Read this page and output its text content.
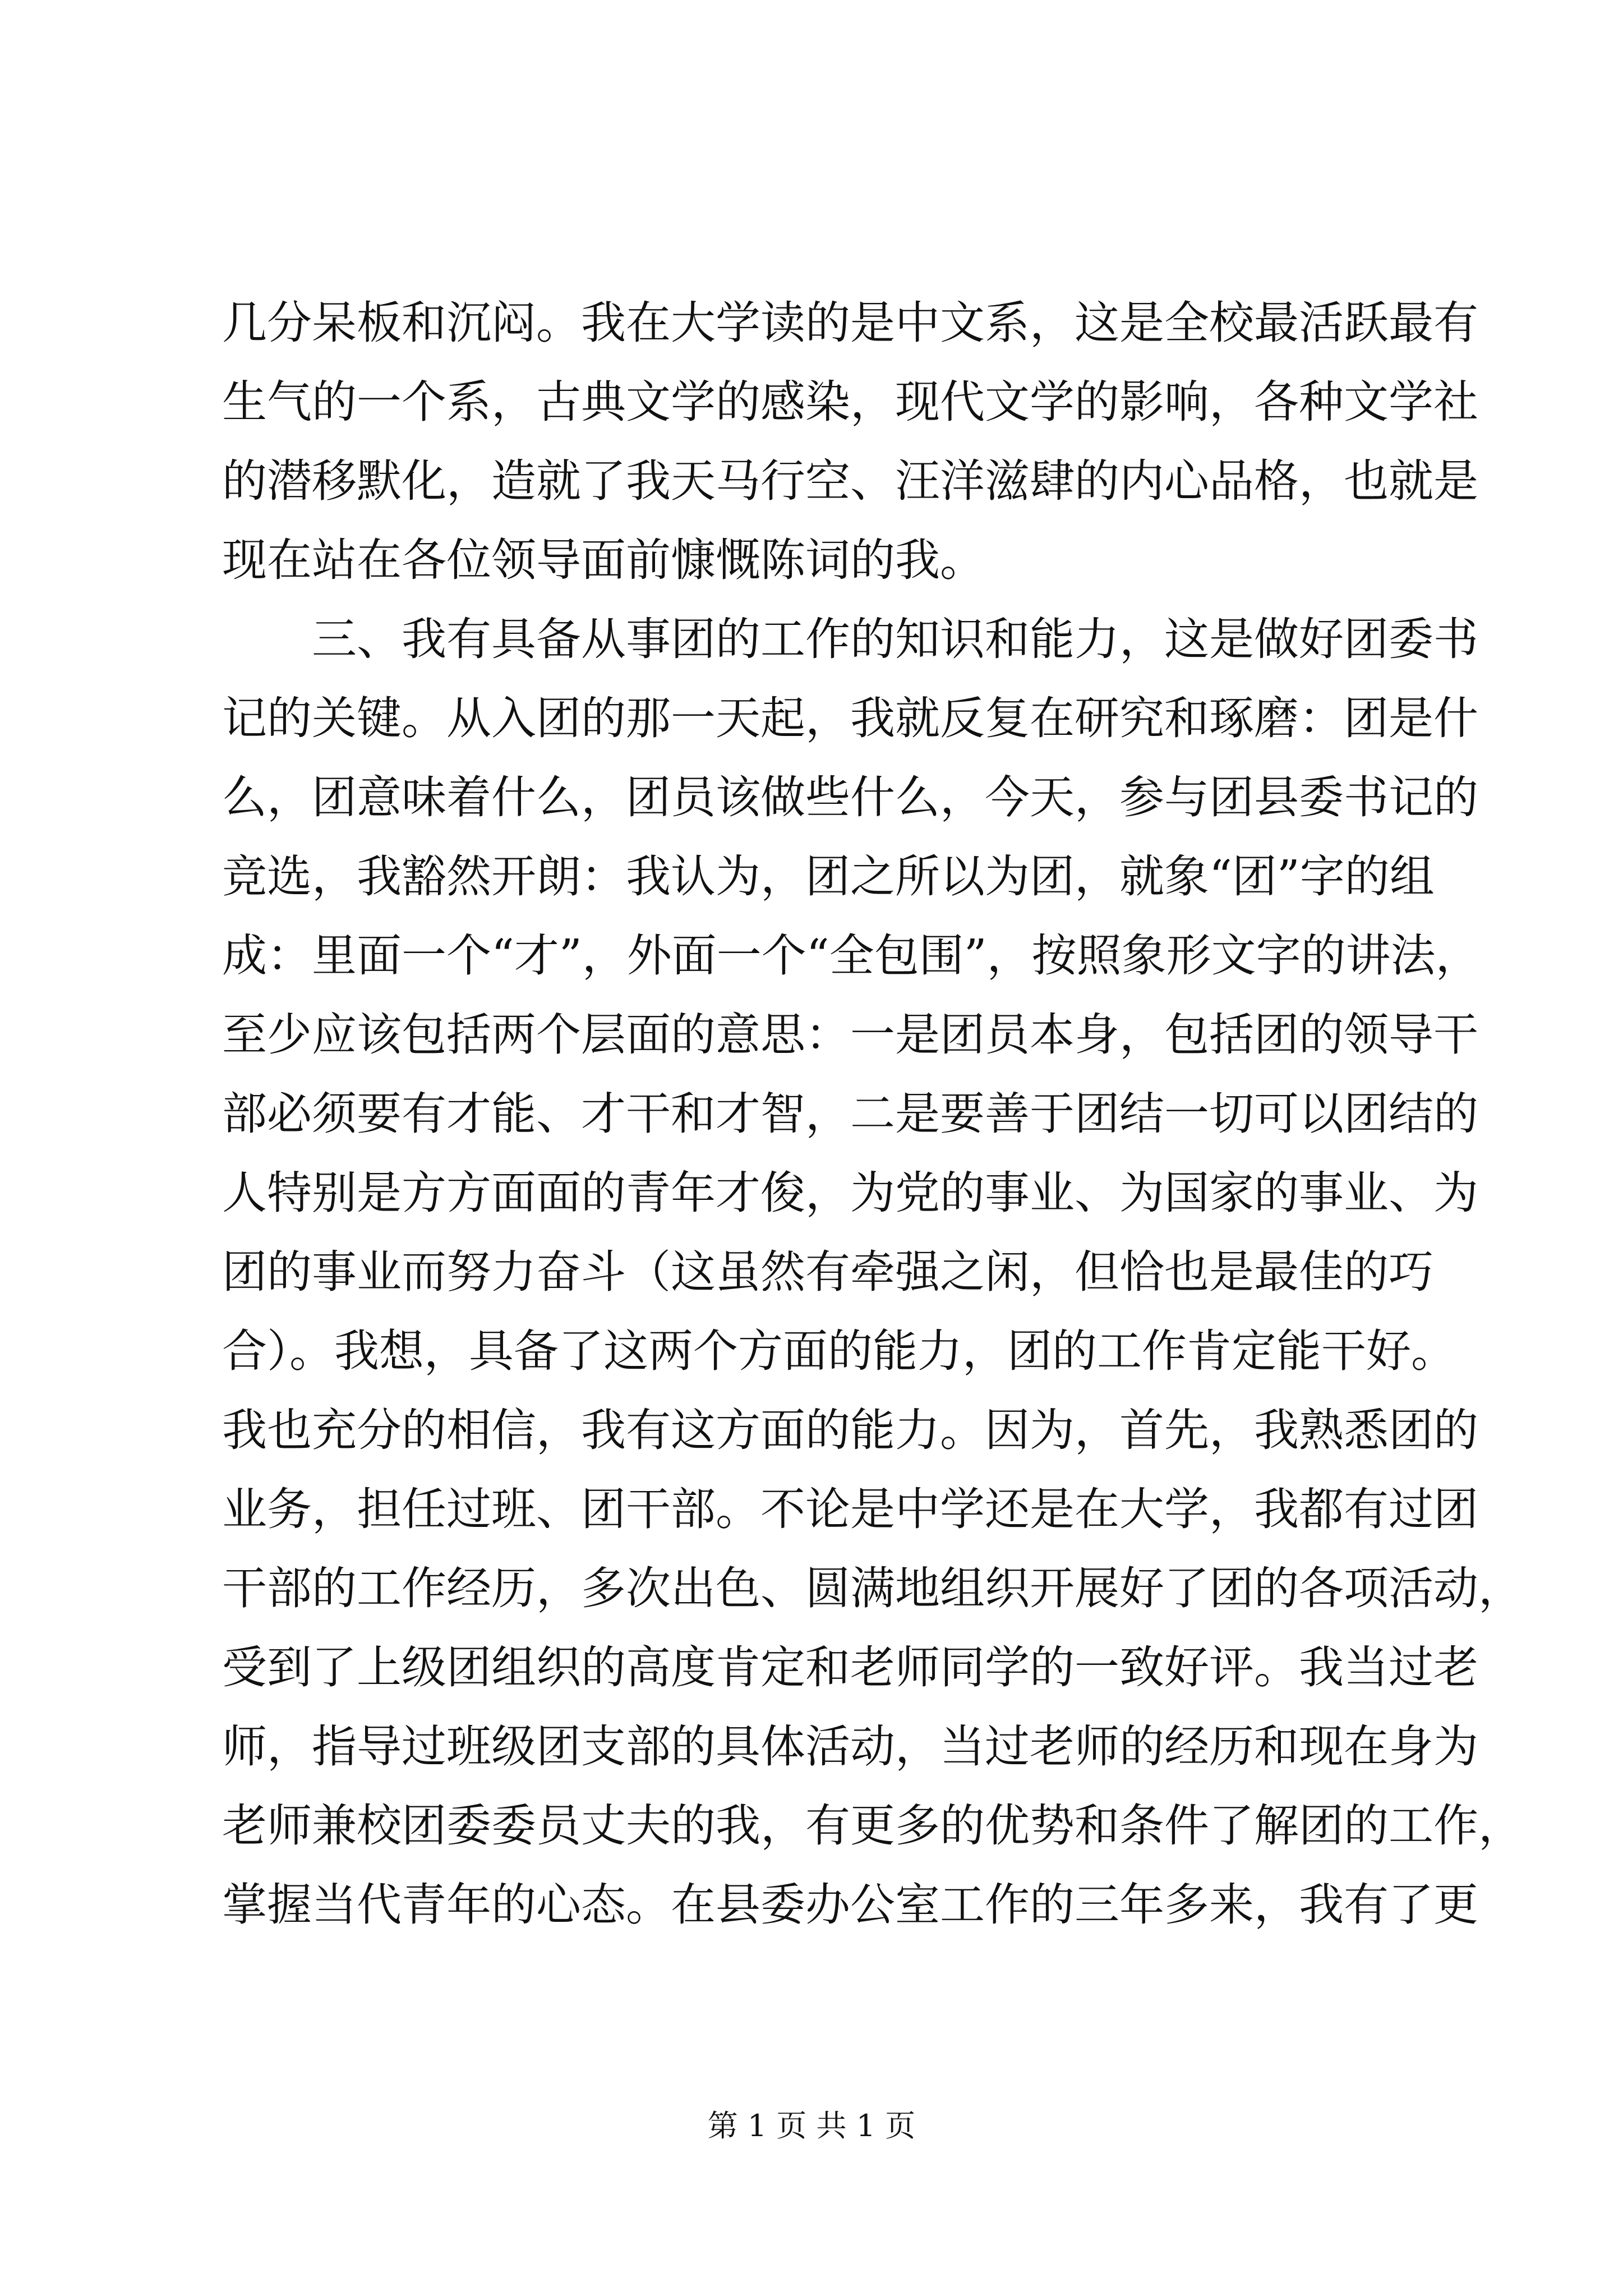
几分呆板和沉闷。我在大学读的是中文系，这是全校最活跃最有
生气的一个系，古典文学的感染，现代文学的影响，各种文学社
的潜移默化，造就了我天马行空、汪洋滋肆的内心品格，也就是
现在站在各位领导面前慷慨陈词的我。
　　三、我有具备从事团的工作的知识和能力，这是做好团委书
记的关键。从入团的那一天起，我就反复在研究和琢磨：团是什
么，团意味着什么，团员该做些什么，今天，参与团县委书记的
竞选，我豁然开朗：我认为，团之所以为团，就象“团”字的组
成：里面一个“才”，外面一个“全包围”，按照象形文字的讲法，
至少应该包括两个层面的意思：一是团员本身，包括团的领导干
部必须要有才能、才干和才智，二是要善于团结一切可以团结的
人特别是方方面面的青年才俊，为党的事业、为国家的事业、为
团的事业而努力奋斗（这虽然有牵强之闲，但恰也是最佳的巧
合）。我想，具备了这两个方面的能力，团的工作肯定能干好。
我也充分的相信，我有这方面的能力。因为，首先，我熟悉团的
业务，担任过班、团干部。不论是中学还是在大学，我都有过团
干部的工作经历，多次出色、圆满地组织开展好了团的各项活动，
受到了上级团组织的高度肯定和老师同学的一致好评。我当过老
师，指导过班级团支部的具体活动，当过老师的经历和现在身为
老师兼校团委委员丈夫的我，有更多的优势和条件了解团的工作，
掌握当代青年的心态。在县委办公室工作的三年多来，我有了更
第 1 页 共 1 页
